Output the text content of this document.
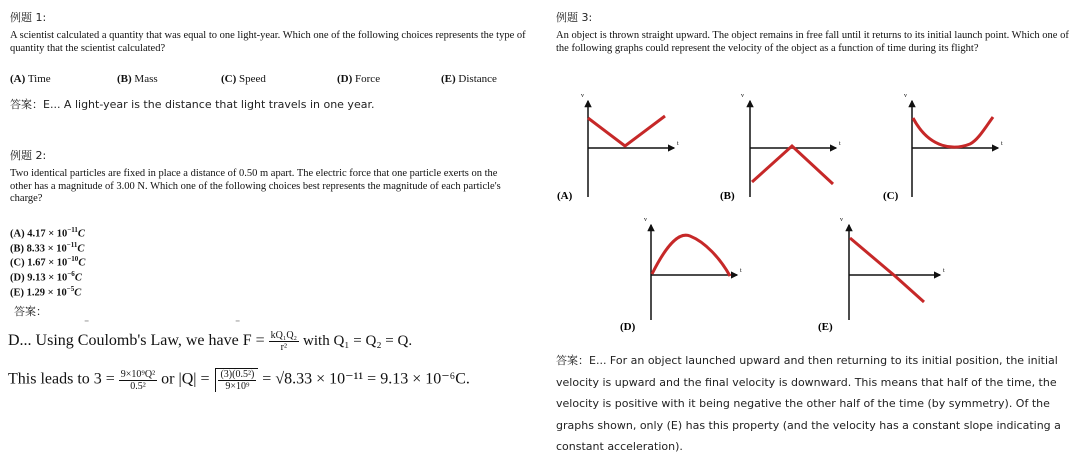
例题 1:
A scientist calculated a quantity that was equal to one light-year. Which one of the following choices represents the type of quantity that the scientist calculated?
(A) Time	(B) Mass	(C) Speed	(D) Force	(E) Distance
答案：E... A light-year is the distance that light travels in one year.
例题 2:
Two identical particles are fixed in place a distance of 0.50 m apart. The electric force that one particle exerts on the other has a magnitude of 3.00 N. Which one of the following choices best represents the magnitude of each particle's charge?
(A) $4.17 \times 10^{-11}C$
(B) $8.33 \times 10^{-11}C$
(C) $1.67 \times 10^{-10}C$
(D) $9.13 \times 10^{-6}C$
(E) $1.29 \times 10^{-5}C$
答案：
⁻	⁻
D... Using Coulomb's Law, we have $F = \frac{\text{kQ₁Q₂}}{\text{r²}}$ with Q₁ = Q₂ = Q.
This leads to $3 = \frac{\text{9×10⁹Q²}}{\text{0.5²}}$ or $|Q| = \frac{\text{(3)(0.5²)}}{\text{9×10⁹}} = √8.33 \times 10^{-11} = 9.13 \times 10^{-6}C$.
例题 3:
An object is thrown straight upward. The object remains in free fall until it returns to its initial launch point. Which one of the following graphs could represent the velocity of the object as a function of time during its flight?
v
t
(A)
v
t
(B)
v
t
(C)
v
t
(D)
v
t
(E)
答案：E... For an object launched upward and then returning to its initial position, the initial velocity is upward and the final velocity is downward. This means that half of the time, the velocity is positive with it being negative the other half of the time (by symmetry). Of the graphs shown, only (E) has this property (and the velocity has a constant slope indicating a constant acceleration).
